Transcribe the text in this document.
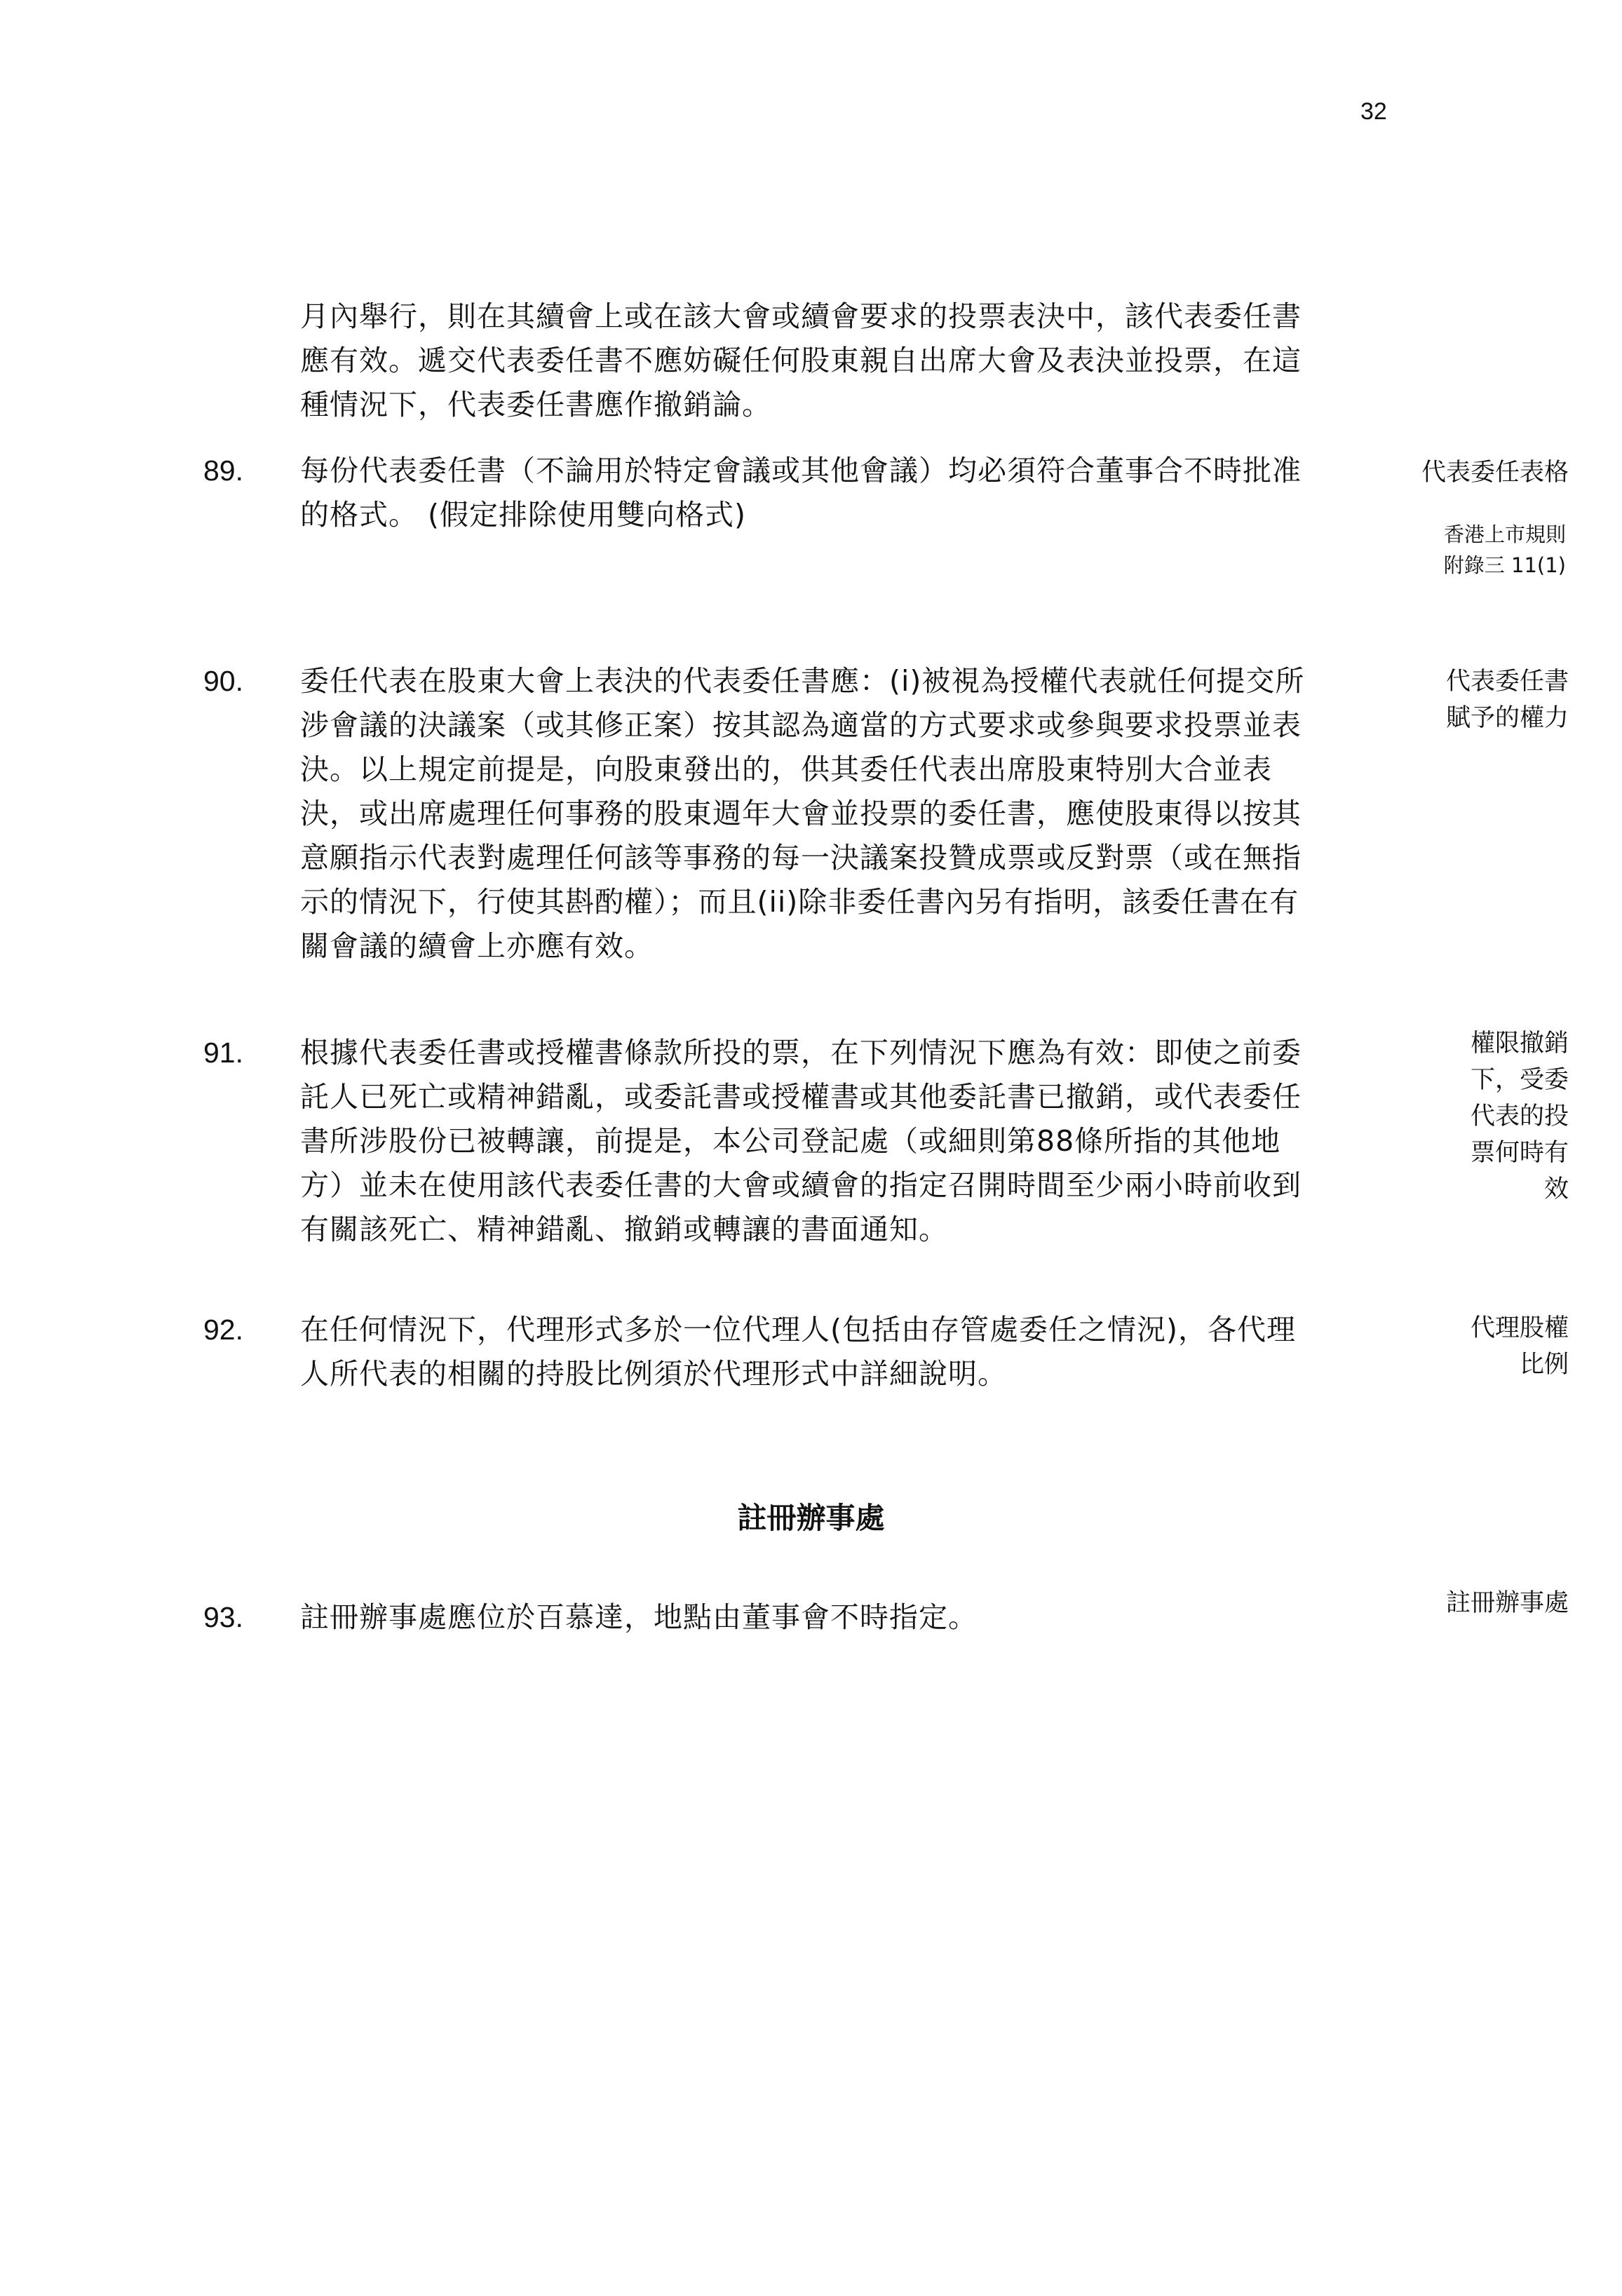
32
月內舉行，則在其續會上或在該大會或續會要求的投票表決中，該代表委任書
應有效。遞交代表委任書不應妨礙任何股東親自出席大會及表決並投票，在這
種情況下，代表委任書應作撤銷論。
89. 每份代表委任書（不論用於特定會議或其他會議）均必須符合董事合不時批准
的格式。 (假定排除使用雙向格式)
代表委任表格
香港上市規則
附錄三 11(1)
90. 委任代表在股東大會上表決的代表委任書應：(i)被視為授權代表就任何提交所
涉會議的決議案（或其修正案）按其認為適當的方式要求或參與要求投票並表
決。以上規定前提是，向股東發出的，供其委任代表出席股東特別大合並表
決，或出席處理任何事務的股東週年大會並投票的委任書，應使股東得以按其
意願指示代表對處理任何該等事務的每一決議案投贊成票或反對票（或在無指
示的情況下，行使其斟酌權）；而且(ii)除非委任書內另有指明，該委任書在有
關會議的續會上亦應有效。
代表委任書
賦予的權力
91. 根據代表委任書或授權書條款所投的票，在下列情況下應為有效：即使之前委
託人已死亡或精神錯亂，或委託書或授權書或其他委託書已撤銷，或代表委任
書所涉股份已被轉讓，前提是，本公司登記處（或細則第88條所指的其他地
方）並未在使用該代表委任書的大會或續會的指定召開時間至少兩小時前收到
有關該死亡、精神錯亂、撤銷或轉讓的書面通知。
權限撤銷
下，受委
代表的投
票何時有
效
92. 在任何情況下，代理形式多於一位代理人(包括由存管處委任之情況)，各代理
人所代表的相關的持股比例須於代理形式中詳細說明。
代理股權
比例
註冊辦事處
93. 註冊辦事處應位於百慕達，地點由董事會不時指定。	註冊辦事處
